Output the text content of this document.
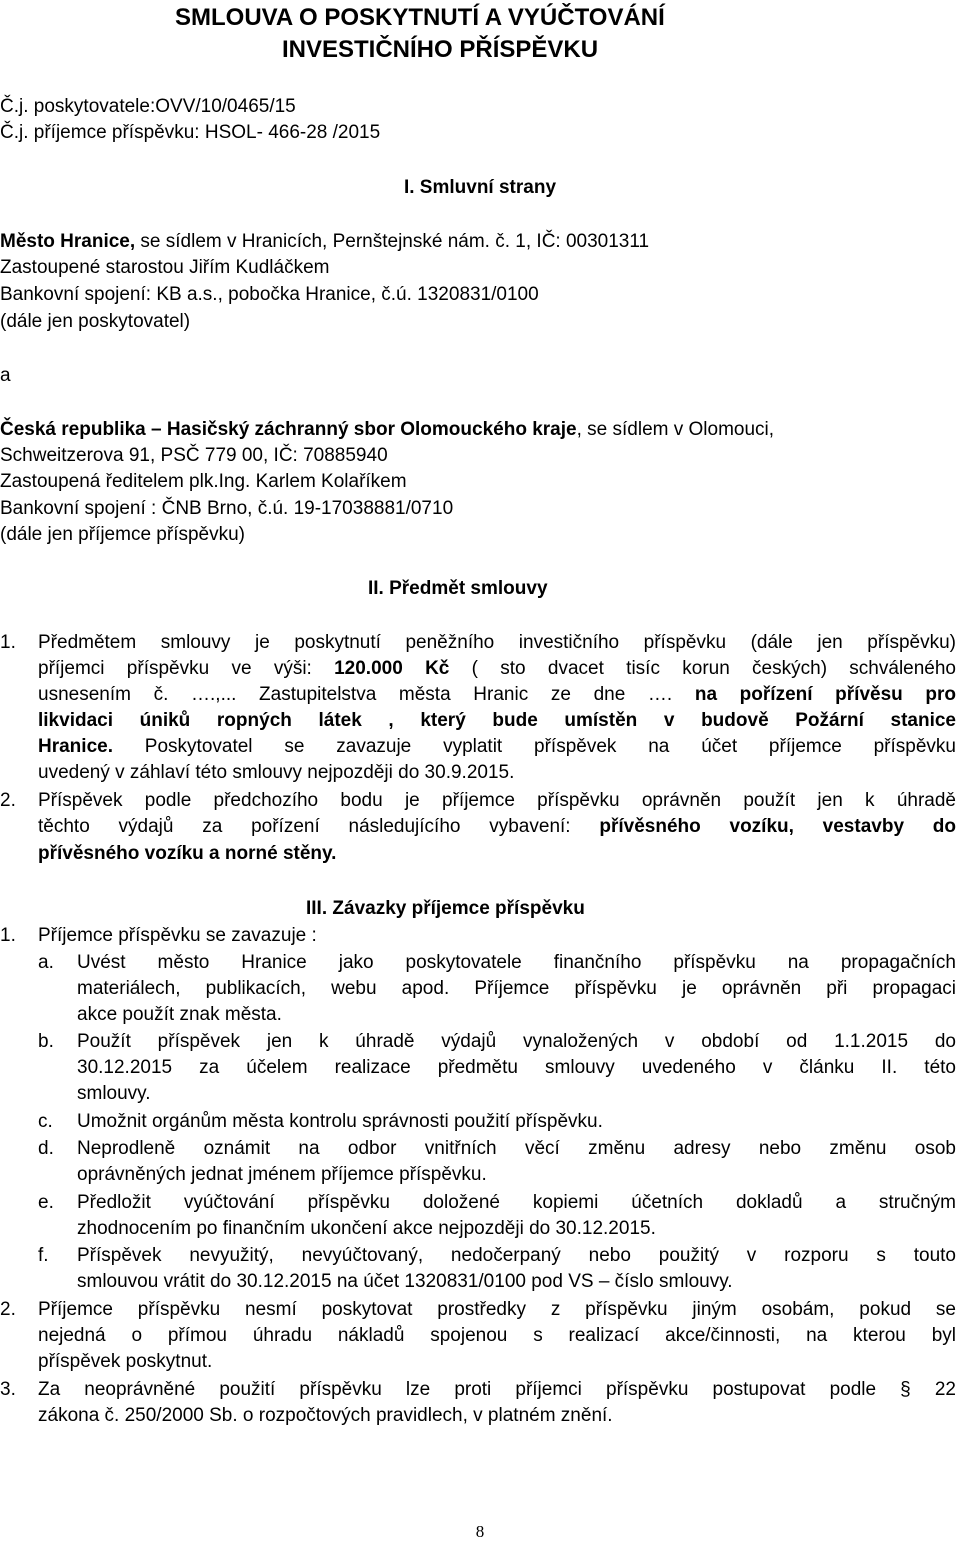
SMLOUVA O POSKYTNUTÍ A VYÚČTOVÁNÍ
INVESTIČNÍHO PŘÍSPĚVKU
Č.j. poskytovatele:OVV/10/0465/15
Č.j. příjemce příspěvku: HSOL- 466-28 /2015
I. Smluvní strany
Město Hranice, se sídlem v Hranicích, Pernštejnské nám. č. 1, IČ: 00301311
Zastoupené starostou Jiřím Kudláčkem
Bankovní spojení: KB a.s., pobočka Hranice, č.ú. 1320831/0100
(dále jen poskytovatel)
a
Česká republika – Hasičský záchranný sbor Olomouckého kraje, se sídlem v Olomouci,
Schweitzerova 91, PSČ 779 00, IČ: 70885940
Zastoupená ředitelem plk.Ing. Karlem Kolaříkem
Bankovní spojení : ČNB Brno, č.ú. 19-17038881/0710
(dále jen příjemce příspěvku)
II. Předmět smlouvy
1. Předmětem smlouvy je poskytnutí peněžního investičního příspěvku (dále jen příspěvku)
příjemci příspěvku ve výši: 120.000 Kč ( sto dvacet tisíc korun českých) schváleného
usnesením č. ….,... Zastupitelstva města Hranic ze dne …. na pořízení přívěsu pro
likvidaci úniků ropných látek , který bude umístěn v budově Požární stanice
Hranice. Poskytovatel se zavazuje vyplatit příspěvek na účet příjemce příspěvku
uvedený v záhlaví této smlouvy nejpozději do 30.9.2015.
2. Příspěvek podle předchozího bodu je příjemce příspěvku oprávněn použít jen k úhradě
těchto výdajů za pořízení následujícího vybavení: přívěsného vozíku, vestavby do
přívěsného vozíku a norné stěny.
III. Závazky příjemce příspěvku
1. Příjemce příspěvku se zavazuje :
a. Uvést město Hranice jako poskytovatele finančního příspěvku na propagačních
materiálech, publikacích, webu apod. Příjemce příspěvku je oprávněn při propagaci
akce použít znak města.
b. Použít příspěvek jen k úhradě výdajů vynaložených v období od 1.1.2015 do
30.12.2015 za účelem realizace předmětu smlouvy uvedeného v článku II. této
smlouvy.
c. Umožnit orgánům města kontrolu správnosti použití příspěvku.
d. Neprodleně oznámit na odbor vnitřních věcí změnu adresy nebo změnu osob
oprávněných jednat jménem příjemce příspěvku.
e. Předložit vyúčtování příspěvku doložené kopiemi účetních dokladů a stručným
zhodnocením po finančním ukončení akce nejpozději do 30.12.2015.
f. Příspěvek nevyužitý, nevyúčtovaný, nedočerpaný nebo použitý v rozporu s touto
smlouvou vrátit do 30.12.2015 na účet 1320831/0100 pod VS – číslo smlouvy.
2. Příjemce příspěvku nesmí poskytovat prostředky z příspěvku jiným osobám, pokud se
nejedná o přímou úhradu nákladů spojenou s realizací akce/činnosti, na kterou byl
příspěvek poskytnut.
3. Za neoprávněné použití příspěvku lze proti příjemci příspěvku postupovat podle § 22
zákona č. 250/2000 Sb. o rozpočtových pravidlech, v platném znění.
8
